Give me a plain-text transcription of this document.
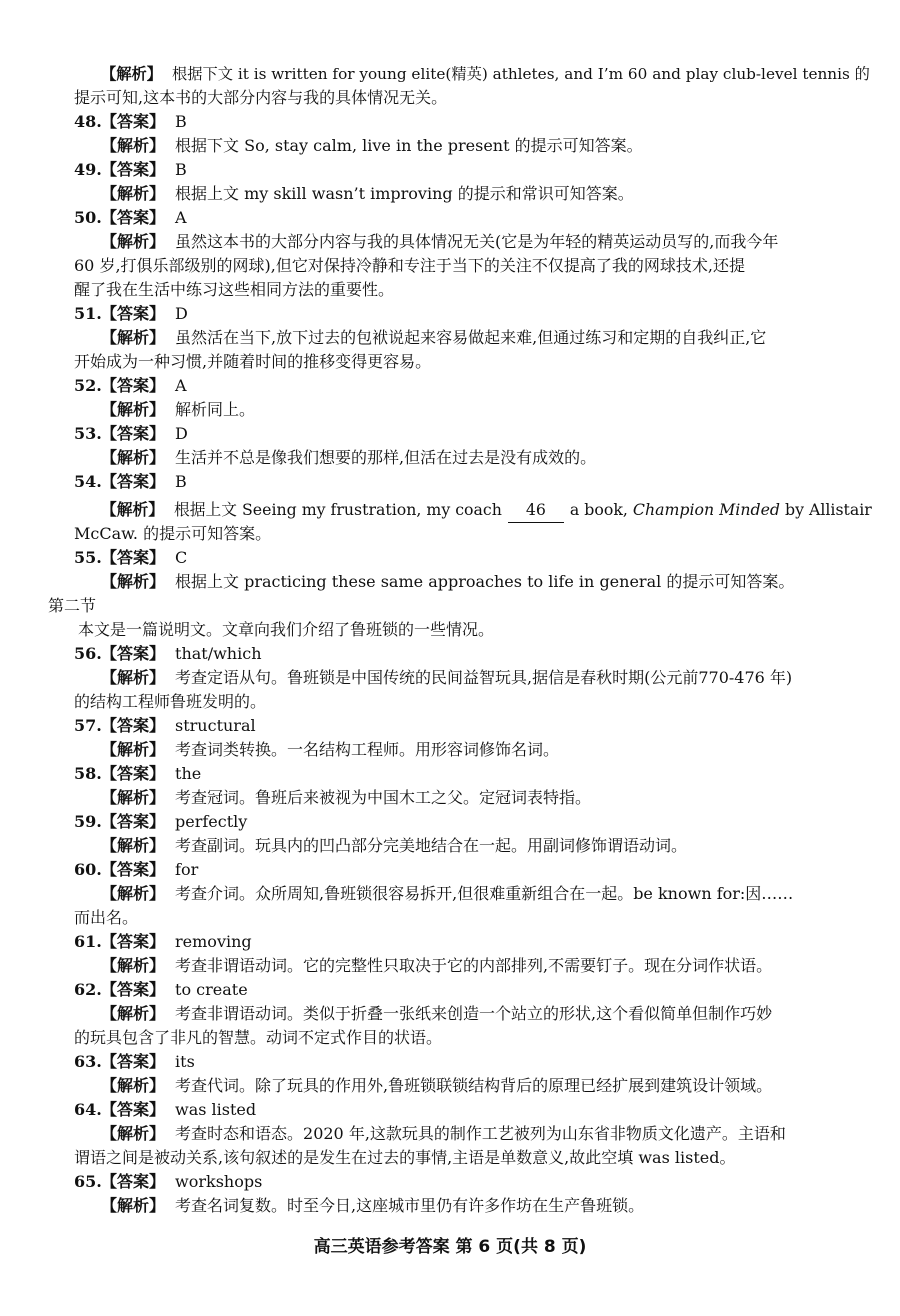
【解析】 根据下文 it is written for young elite(精英) athletes, and I’m 60 and play club-level tennis 的
提示可知,这本书的大部分内容与我的具体情况无关。
48.【答案】 B
【解析】 根据下文 So, stay calm, live in the present 的提示可知答案。
49.【答案】 B
【解析】 根据上文 my skill wasn’t improving 的提示和常识可知答案。
50.【答案】 A
【解析】 虽然这本书的大部分内容与我的具体情况无关(它是为年轻的精英运动员写的,而我今年
60 岁,打俱乐部级别的网球),但它对保持冷静和专注于当下的关注不仅提高了我的网球技术,还提
醒了我在生活中练习这些相同方法的重要性。
51.【答案】 D
【解析】 虽然活在当下,放下过去的包袱说起来容易做起来难,但通过练习和定期的自我纠正,它
开始成为一种习惯,并随着时间的推移变得更容易。
52.【答案】 A
【解析】 解析同上。
53.【答案】 D
【解析】 生活并不总是像我们想要的那样,但活在过去是没有成效的。
54.【答案】 B
【解析】 根据上文 Seeing my frustration, my coach 46 a book, Champion Minded by Allistair
McCaw. 的提示可知答案。
55.【答案】 C
【解析】 根据上文 practicing these same approaches to life in general 的提示可知答案。
第二节
本文是一篇说明文。文章向我们介绍了鲁班锁的一些情况。
56.【答案】 that/which
【解析】 考查定语从句。鲁班锁是中国传统的民间益智玩具,据信是春秋时期(公元前770-476 年)
的结构工程师鲁班发明的。
57.【答案】 structural
【解析】 考查词类转换。一名结构工程师。用形容词修饰名词。
58.【答案】 the
【解析】 考查冠词。鲁班后来被视为中国木工之父。定冠词表特指。
59.【答案】 perfectly
【解析】 考查副词。玩具内的凹凸部分完美地结合在一起。用副词修饰谓语动词。
60.【答案】 for
【解析】 考查介词。众所周知,鲁班锁很容易拆开,但很难重新组合在一起。be known for:因……
而出名。
61.【答案】 removing
【解析】 考查非谓语动词。它的完整性只取决于它的内部排列,不需要钉子。现在分词作状语。
62.【答案】 to create
【解析】 考查非谓语动词。类似于折叠一张纸来创造一个站立的形状,这个看似简单但制作巧妙
的玩具包含了非凡的智慧。动词不定式作目的状语。
63.【答案】 its
【解析】 考查代词。除了玩具的作用外,鲁班锁联锁结构背后的原理已经扩展到建筑设计领域。
64.【答案】 was listed
【解析】 考查时态和语态。2020 年,这款玩具的制作工艺被列为山东省非物质文化遗产。主语和
谓语之间是被动关系,该句叙述的是发生在过去的事情,主语是单数意义,故此空填 was listed。
65.【答案】 workshops
【解析】 考查名词复数。时至今日,这座城市里仍有许多作坊在生产鲁班锁。
高三英语参考答案 第 6 页(共 8 页)
